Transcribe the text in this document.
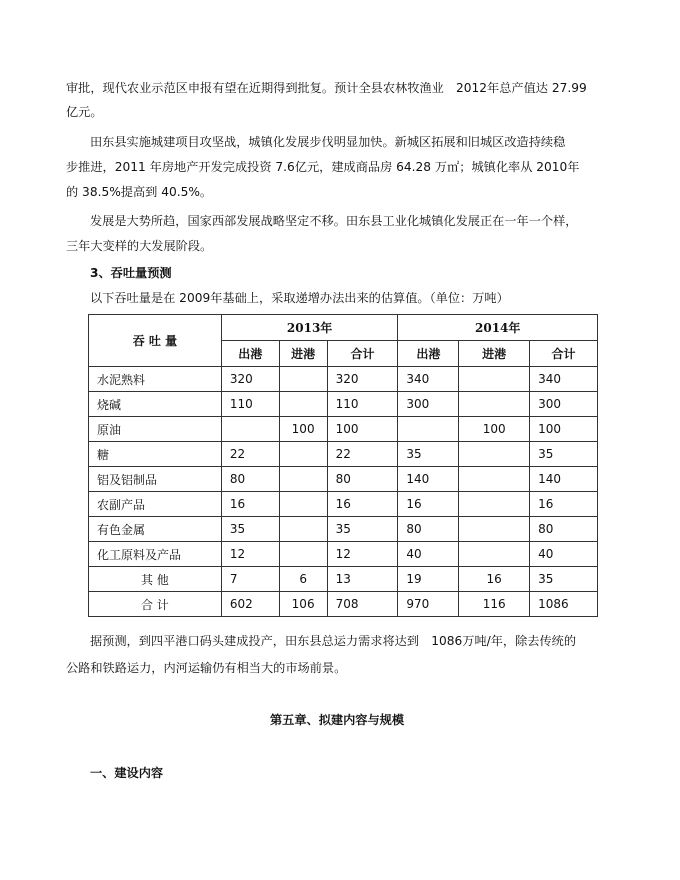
审批，现代农业示范区申报有望在近期得到批复。预计全县农林牧渔业　2012年总产值达 27.99
亿元。
田东县实施城建项目攻坚战，城镇化发展步伐明显加快。新城区拓展和旧城区改造持续稳
步推进，2011 年房地产开发完成投资 7.6亿元，建成商品房 64.28 万㎡；城镇化率从 2010年
的 38.5%提高到 40.5%。
发展是大势所趋，国家西部发展战略坚定不移。田东县工业化城镇化发展正在一年一个样，
三年大变样的大发展阶段。
3、吞吐量预测
以下吞吐量是在 2009年基础上，采取递增办法出来的估算值。（单位：万吨）
吞 吐 量	2013年			2014年		
	出港	进港	合计	出港	进港	合计
水泥熟料	320		320	340		340
烧碱	110		110	300		300
原油		100	100		100	100
糖	22		22	35		35
铝及铝制品	80		80	140		140
农副产品	16		16	16		16
有色金属	35		35	80		80
化工原料及产品	12		12	40		40
其 他	7	6	13	19	16	35
合 计	602	106	708	970	116	1086
据预测，到四平港口码头建成投产，田东县总运力需求将达到　1086万吨/年，除去传统的
公路和铁路运力，内河运输仍有相当大的市场前景。
第五章、拟建内容与规模
一、建设内容
